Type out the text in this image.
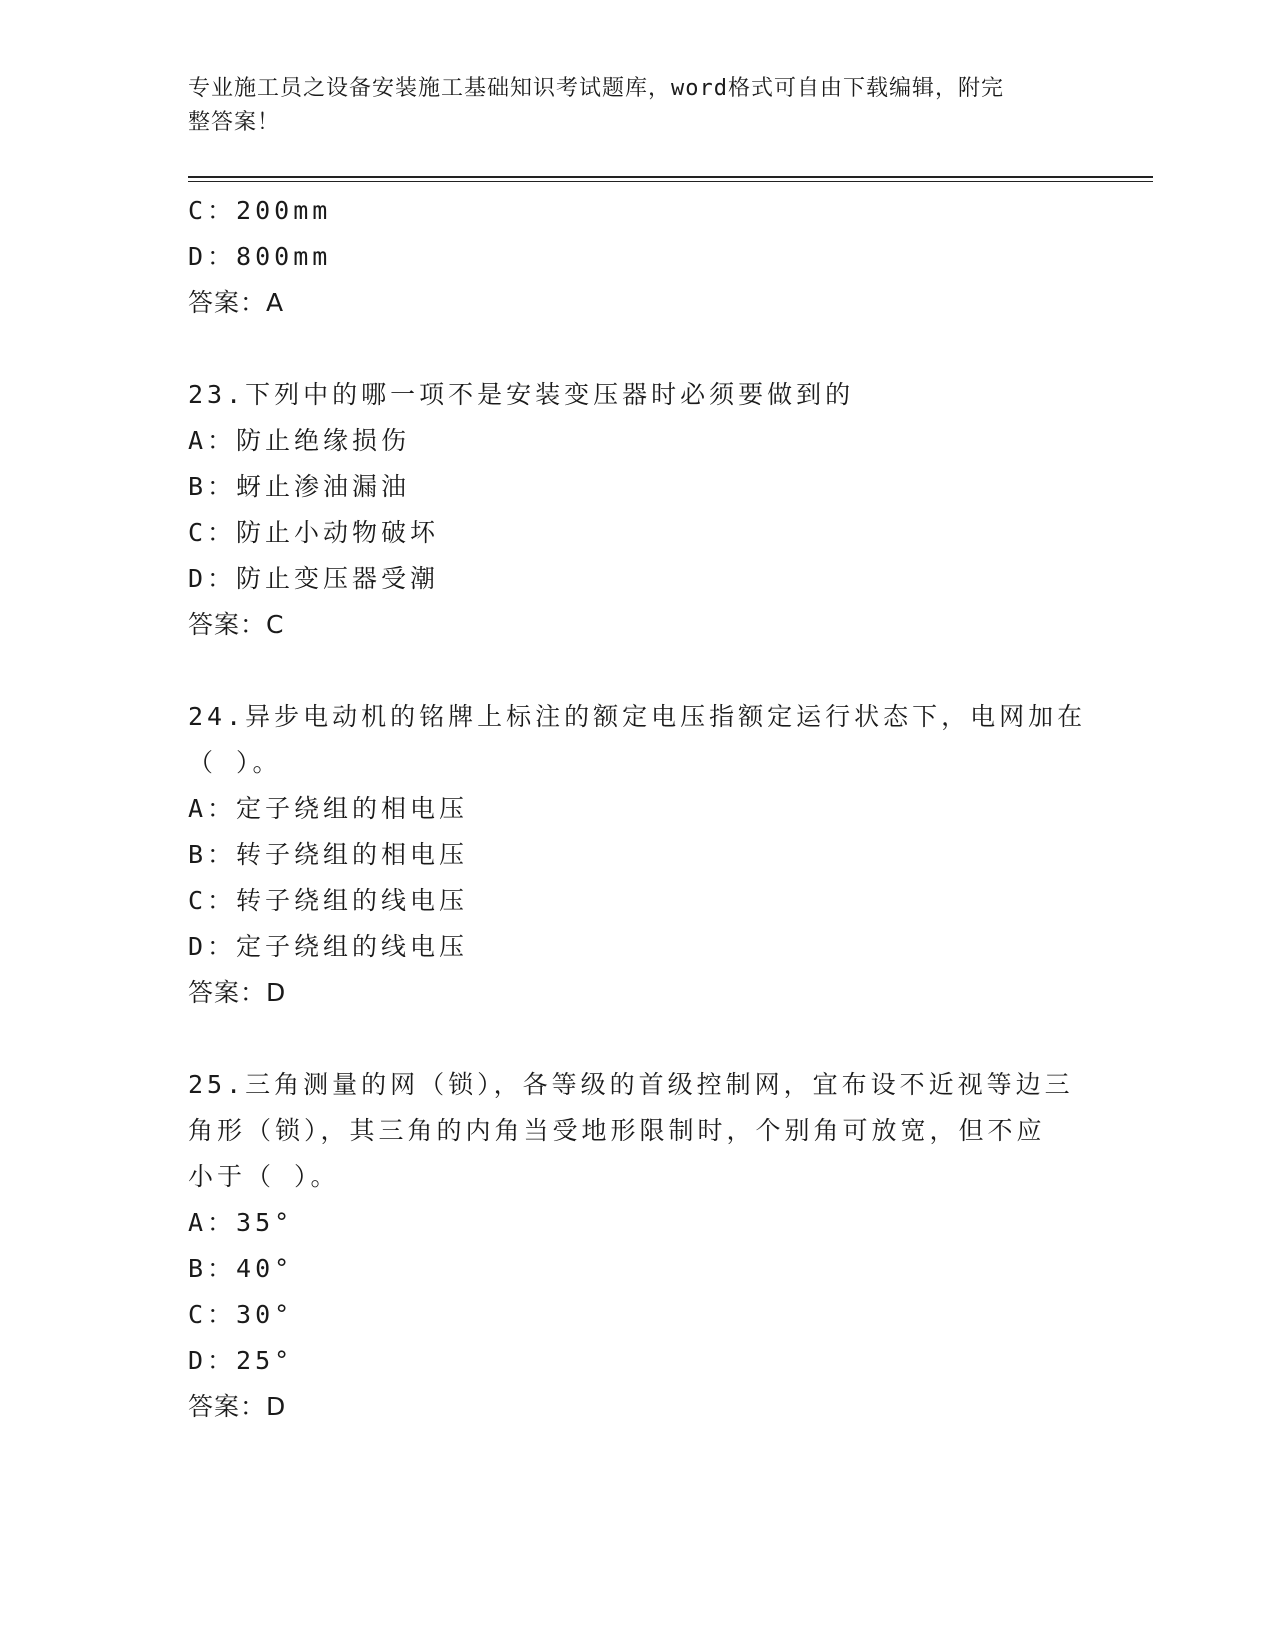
专业施工员之设备安装施工基础知识考试题库，word格式可自由下载编辑，附完
整答案！
C：200mm
D：800mm
答案：A
23.下列中的哪一项不是安装变压器时必须要做到的
A：防止绝缘损伤
B：蚜止渗油漏油
C：防止小动物破坏
D：防止变压器受潮
答案：C
24.异步电动机的铭牌上标注的额定电压指额定运行状态下，电网加在
（ ）。
A：定子绕组的相电压
B：转子绕组的相电压
C：转子绕组的线电压
D：定子绕组的线电压
答案：D
25.三角测量的网（锁），各等级的首级控制网，宜布设不近视等边三
角形（锁），其三角的内角当受地形限制时，个别角可放宽，但不应
小于（ ）。
A：35°
B：40°
C：30°
D：25°
答案：D
